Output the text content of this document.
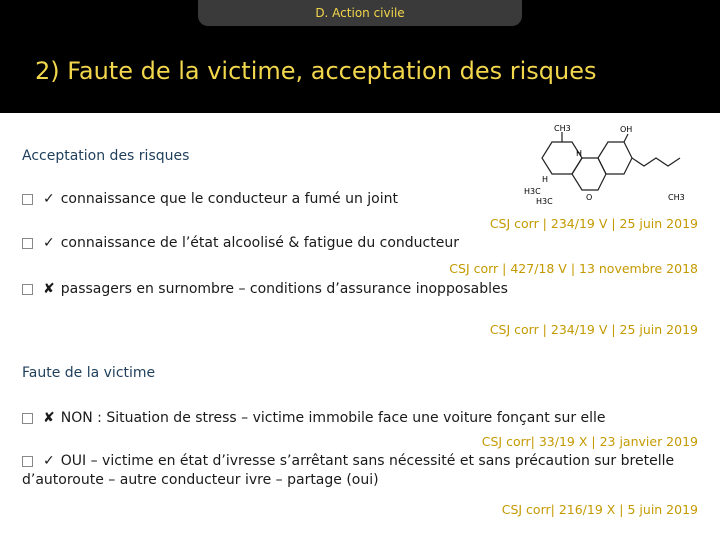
D. Action civile
2) Faute de la victime, acceptation des risques
CH3	OH
H
H
H3C
H3C	O	CH3
Acceptation des risques
✓ connaissance que le conducteur a fumé un joint
CSJ corr | 234/19 V | 25 juin 2019
✓ connaissance de l’état alcoolisé & fatigue du conducteur
CSJ corr | 427/18 V | 13 novembre 2018
✘ passagers en surnombre – conditions d’assurance inopposables
CSJ corr | 234/19 V | 25 juin 2019
Faute de la victime
✘ NON : Situation de stress – victime immobile face une voiture fonçant sur elle
CSJ corr| 33/19 X | 23 janvier 2019
✓ OUI – victime en état d’ivresse s’arrêtant sans nécessité et sans précaution sur bretelle d’autoroute – autre conducteur ivre – partage (oui)
CSJ corr| 216/19 X | 5 juin 2019
